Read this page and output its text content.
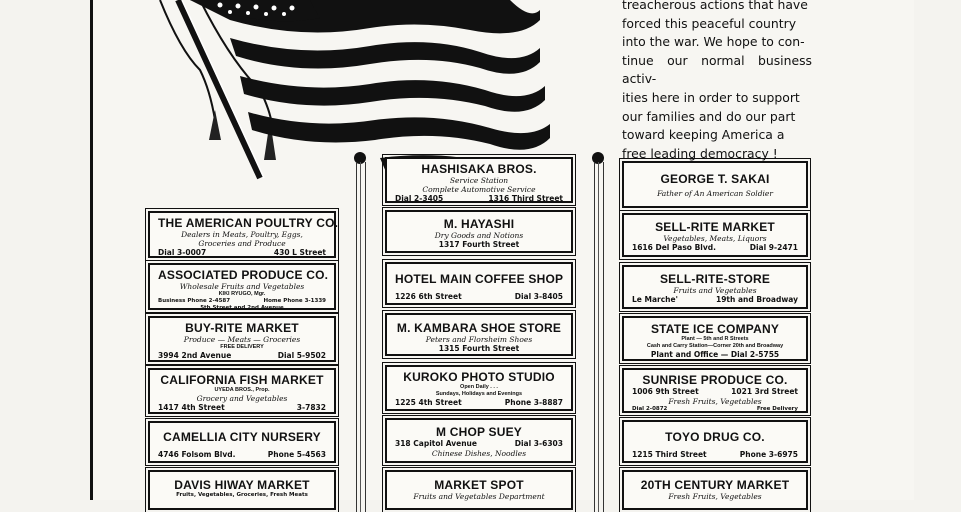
treacherous actions that have
forced this peaceful country
into the war. We hope to con-
tinue our normal business activ-
ities here in order to support
our families and do our part
toward keeping America a
free leading democracy !

THE AMERICAN POULTRY CO.
Dealers in Meats, Poultry, Eggs,
Groceries and Produce
Dial 3-0007	430 L Street
ASSOCIATED PRODUCE CO.
Wholesale Fruits and Vegetables
KIKI RYUGO, Mgr.
Business Phone 2-4587	Home Phone 3-1339
5th Street and 2nd Avenue
BUY-RITE MARKET
Produce — Meats — Groceries
FREE DELIVERY
3994 2nd Avenue	Dial 5-9502
CALIFORNIA FISH MARKET
UYEDA BROS., Prop.
Grocery and Vegetables
1417 4th Street	3-7832
CAMELLIA CITY NURSERY
4746 Folsom Blvd.	Phone 5-4563
DAVIS HIWAY MARKET
Fruits, Vegetables, Groceries, Fresh Meats
HASHISAKA BROS.
Service Station
Complete Automotive Service
Dial 2-3405	1316 Third Street
M. HAYASHI
Dry Goods and Notions
1317 Fourth Street
HOTEL MAIN COFFEE SHOP
1226 6th Street	Dial 3-8405
M. KAMBARA SHOE STORE
Peters and Florsheim Shoes
1315 Fourth Street
KUROKO PHOTO STUDIO
Open Daily . . .
Sundays, Holidays and Evenings
1225 4th Street	Phone 3-8887
M CHOP SUEY
318 Capitol Avenue	Dial 3-6303
Chinese Dishes, Noodles
MARKET SPOT
Fruits and Vegetables Department
GEORGE T. SAKAI
Father of An American Soldier
SELL-RITE MARKET
Vegetables, Meats, Liquors
1616 Del Paso Blvd.	Dial 9-2471
SELL-RITE-STORE
Fruits and Vegetables
Le Marche'	19th and Broadway
STATE ICE COMPANY
Plant — 5th and R Streets
Cash and Carry Station—Corner 20th and Broadway
Plant and Office — Dial 2-5755
SUNRISE PRODUCE CO.
1006 9th Street	1021 3rd Street
Fresh Fruits, Vegetables
Dial 2-0872	Free Delivery
TOYO DRUG CO.
1215 Third Street	Phone 3-6975
20TH CENTURY MARKET
Fresh Fruits, Vegetables
